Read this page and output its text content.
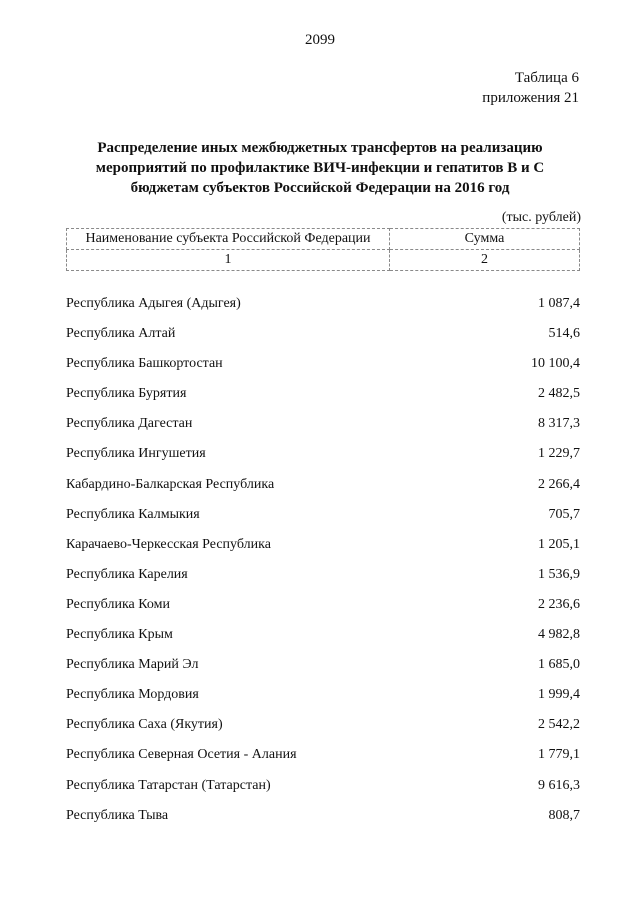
2099
Таблица 6
приложения 21
Распределение иных межбюджетных трансфертов на реализацию
мероприятий по профилактике ВИЧ-инфекции и гепатитов В и С
бюджетам субъектов Российской Федерации на 2016 год
(тыс. рублей)
Наименование субъекта Российской Федерации	Сумма
1	2
Республика Адыгея (Адыгея)	1 087,4
Республика Алтай	514,6
Республика Башкортостан	10 100,4
Республика Бурятия	2 482,5
Республика Дагестан	8 317,3
Республика Ингушетия	1 229,7
Кабардино-Балкарская Республика	2 266,4
Республика Калмыкия	705,7
Карачаево-Черкесская Республика	1 205,1
Республика Карелия	1 536,9
Республика Коми	2 236,6
Республика Крым	4 982,8
Республика Марий Эл	1 685,0
Республика Мордовия	1 999,4
Республика Саха (Якутия)	2 542,2
Республика Северная Осетия - Алания	1 779,1
Республика Татарстан (Татарстан)	9 616,3
Республика Тыва	808,7
